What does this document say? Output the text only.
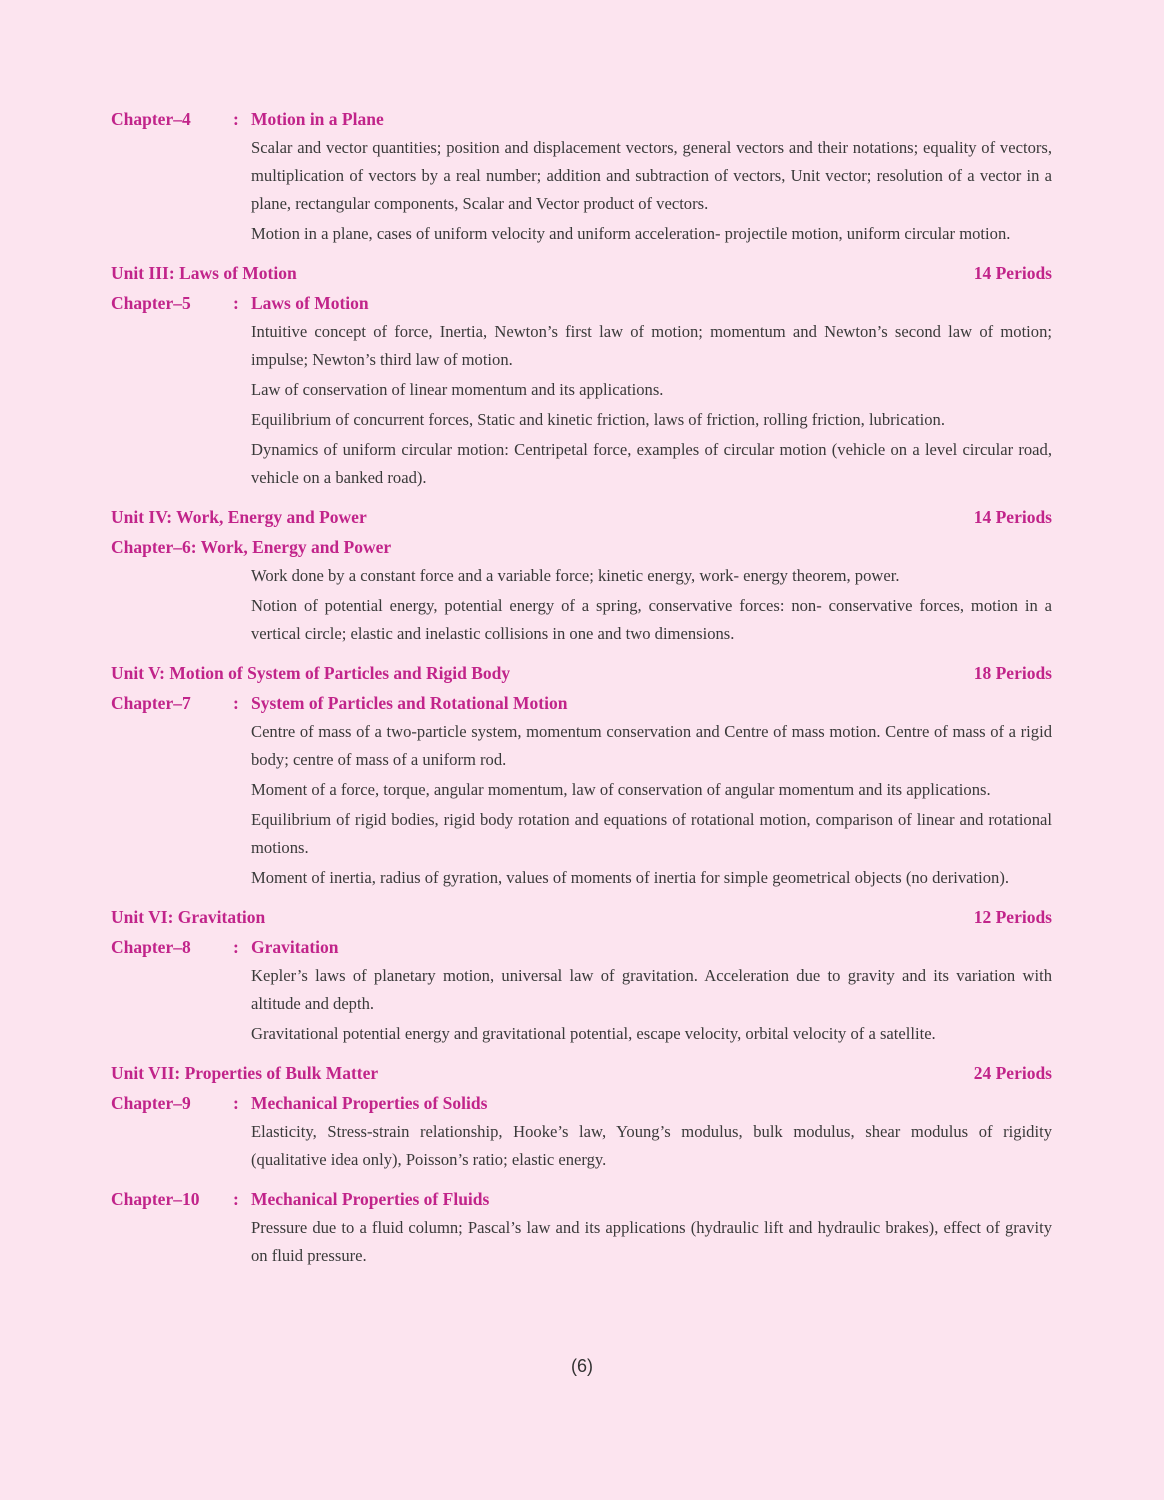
Chapter–4	: Motion in a Plane
Scalar and vector quantities; position and displacement vectors, general vectors and their notations; equality of vectors, multiplication of vectors by a real number; addition and subtraction of vectors, Unit vector; resolution of a vector in a plane, rectangular components, Scalar and Vector product of vectors.
Motion in a plane, cases of uniform velocity and uniform acceleration- projectile motion, uniform circular motion.
Unit III: Laws of Motion	14 Periods
Chapter–5	: Laws of Motion
Intuitive concept of force, Inertia, Newton’s first law of motion; momentum and Newton’s second law of motion; impulse; Newton’s third law of motion.
Law of conservation of linear momentum and its applications.
Equilibrium of concurrent forces, Static and kinetic friction, laws of friction, rolling friction, lubrication.
Dynamics of uniform circular motion: Centripetal force, examples of circular motion (vehicle on a level circular road, vehicle on a banked road).
Unit IV: Work, Energy and Power	14 Periods
Chapter–6: Work, Energy and Power
Work done by a constant force and a variable force; kinetic energy, work- energy theorem, power.
Notion of potential energy, potential energy of a spring, conservative forces: non- conservative forces, motion in a vertical circle; elastic and inelastic collisions in one and two dimensions.
Unit V: Motion of System of Particles and Rigid Body	18 Periods
Chapter–7	: System of Particles and Rotational Motion
Centre of mass of a two-particle system, momentum conservation and Centre of mass motion. Centre of mass of a rigid body; centre of mass of a uniform rod.
Moment of a force, torque, angular momentum, law of conservation of angular momentum and its applications.
Equilibrium of rigid bodies, rigid body rotation and equations of rotational motion, comparison of linear and rotational motions.
Moment of inertia, radius of gyration, values of moments of inertia for simple geometrical objects (no derivation).
Unit VI: Gravitation	12 Periods
Chapter–8	: Gravitation
Kepler’s laws of planetary motion, universal law of gravitation. Acceleration due to gravity and its variation with altitude and depth.
Gravitational potential energy and gravitational potential, escape velocity, orbital velocity of a satellite.
Unit VII: Properties of Bulk Matter	24 Periods
Chapter–9	: Mechanical Properties of Solids
Elasticity, Stress-strain relationship, Hooke’s law, Young’s modulus, bulk modulus, shear modulus of rigidity (qualitative idea only), Poisson’s ratio; elastic energy.
Chapter–10	: Mechanical Properties of Fluids
Pressure due to a fluid column; Pascal’s law and its applications (hydraulic lift and hydraulic brakes), effect of gravity on fluid pressure.
(6)
